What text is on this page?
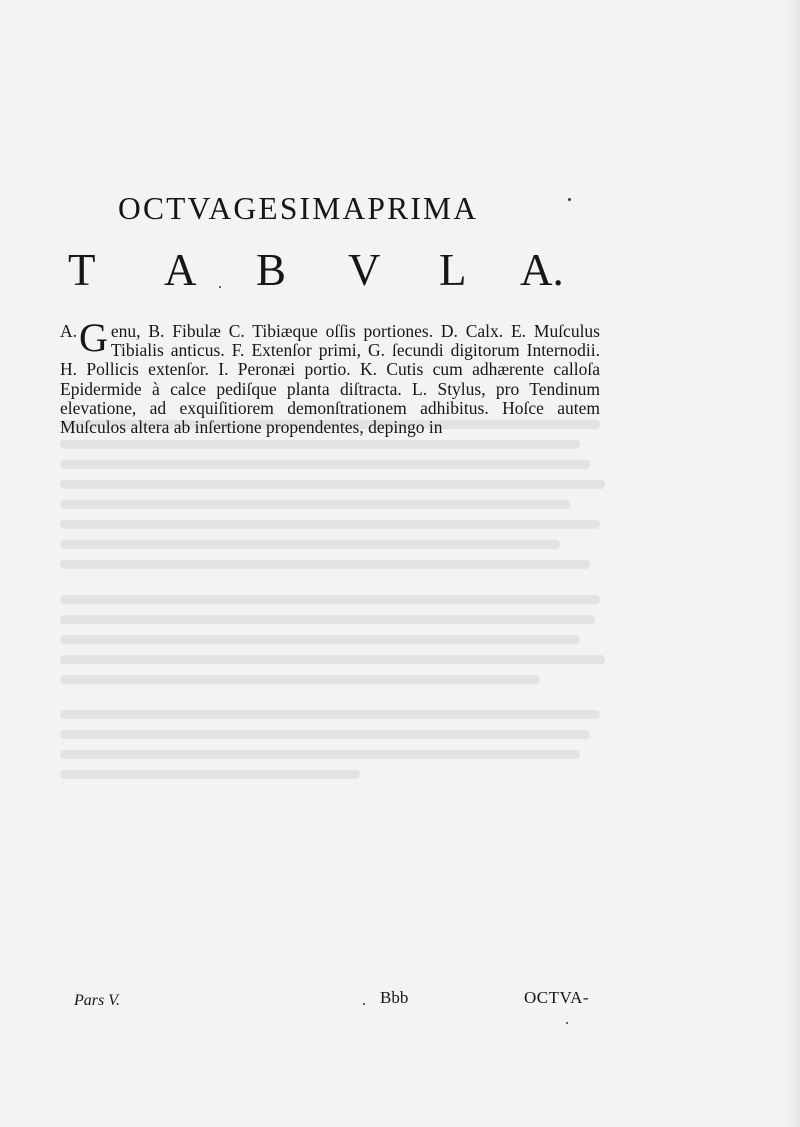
OCTVAGESIMAPRIMA
T A B V L A.

A. G enu, B. Fibulæ C. Tibiæque oſſis portiones. D. Calx. E. Muſculus Tibialis anticus. F. Extenſor primi, G. ſecundi digitorum Internodii. H. Pollicis extenſor. I. Peronæi portio. K. Cutis cum adhærente calloſa Epidermide à calce pediſque planta diſtracta. L. Stylus, pro Tendinum elevatione, ad exquiſitiorem demonſtrationem adhibitus. Hoſce autem Muſculos altera ab inſertione propendentes, depingo in

Pars V.	Bbb	OCTVA-
